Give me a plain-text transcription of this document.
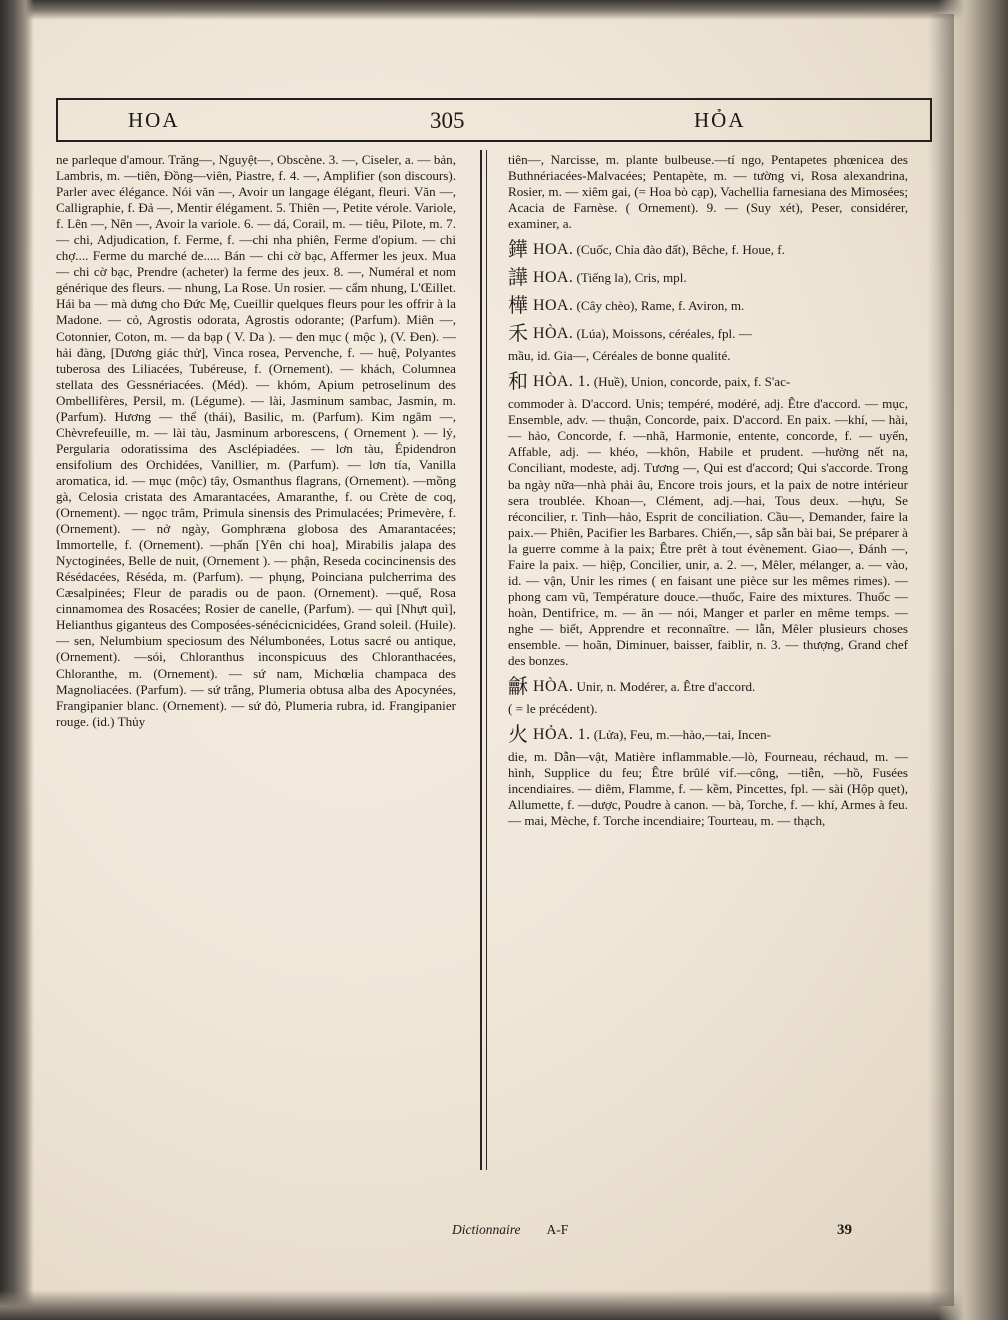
HOA	305	HỎA

ne parleque d'amour. Trăng—, Nguyệt—, Obscène. 3. —, Ciseler, a. — bản, Lambris, m. —tiên, Đồng—viên, Piastre, f. 4. —, Amplifier (son discours). Parler avec élégance. Nói văn —, Avoir un langage élégant, fleuri. Văn —, Calligraphie, f. Đả —, Mentir élégament. 5. Thiên —, Petite vérole. Variole, f. Lên —, Nên —, Avoir la variole. 6. — dá, Corail, m. — tiêu, Pilote, m. 7. — chi, Adjudication, f. Ferme, f. —chi nha phiên, Ferme d'opium. — chi chợ.... Ferme du marché de..... Bán — chi cờ bạc, Affermer les jeux. Mua — chi cờ bạc, Prendre (acheter) la ferme des jeux. 8. —, Numéral et nom générique des fleurs. — nhung, La Rose. Un rosier. — cẩm nhung, L'Œillet. Hái ba — mà dưng cho Đức Mẹ, Cueillir quelques fleurs pour les offrir à la Madone. — cỏ, Agrostis odorata, Agrostis odorante; (Parfum). Miên —, Cotonnier, Coton, m. — da bạp ( V. Da ). — đen mục ( mộc ), (V. Đen). — hải đàng, [Dương giác thử], Vinca rosea, Pervenche, f. — huệ, Polyantes tuberosa des Liliacées, Tubéreuse, f. (Ornement). — khách, Columnea stellata des Gessnériacées. (Méd). — khóm, Apium petroselinum des Ombellifères, Persil, m. (Légume). — lài, Jasminum sambac, Jasmin, m. (Parfum). Hương — thể (thái), Basilic, m. (Parfum). Kim ngâm —, Chèvrefeuille, m. — lài tàu, Jasminum arborescens, ( Ornement ). — lý, Pergularia odoratissima des Asclépiadées. — lơn tàu, Épidendron ensifolium des Orchidées, Vanillier, m. (Parfum). — lơn tía, Vanilla aromatica, id. — mục (mộc) tây, Osmanthus flagrans, (Ornement). —mồng gà, Celosia cristata des Amarantacées, Amaranthe, f. ou Crète de coq, (Ornement). — ngọc trâm, Primula sinensis des Primulacées; Primevère, f. (Ornement). — nở ngày, Gomphræna globosa des Amarantacées; Immortelle, f. (Ornement). —phấn [Yên chi hoa], Mirabilis jalapa des Nyctoginées, Belle de nuit, (Ornement ). — phận, Reseda cocincinensis des Résédacées, Réséda, m. (Parfum). — phụng, Poinciana pulcherrima des Cæsalpinées; Fleur de paradis ou de paon. (Ornement). —quế, Rosa cinnamomea des Rosacées; Rosier de canelle, (Parfum). — quì [Nhựt quì], Helianthus giganteus des Composées-sénécicnicidées, Grand soleil. (Huile). — sen, Nelumbium speciosum des Nélumbonées, Lotus sacré ou antique, (Ornement). —sói, Chloranthus inconspicuus des Chloranthacées, Chloranthe, m. (Ornement). — sứ nam, Michœlia champaca des Magnoliacées. (Parfum). — sứ trắng, Plumeria obtusa alba des Apocynées, Frangipanier blanc. (Ornement). — sứ đỏ, Plumeria rubra, id. Frangipanier rouge. (id.) Thủy

tiên—, Narcisse, m. plante bulbeuse.—tí ngo, Pentapetes phœnicea des Buthnériacées-Malvacées; Pentapète, m. — tường vi, Rosa alexandrina, Rosier, m. — xiêm gai, (= Hoa bò cạp), Vachellia farnesiana des Mimosées; Acacia de Farnèse. ( Ornement). 9. — (Suy xét), Peser, considérer, examiner, a.

鏵 HOA. (Cuốc, Chỉa đào đất), Bêche, f. Houe, f.
譁 HOA. (Tiếng la), Cris, mpl.
樺 HOA. (Cây chèo), Rame, f. Aviron, m.
禾 HÒA. (Lúa), Moissons, céréales, fpl. —

mầu, id. Gia—, Céréales de bonne qualité.

和 HÒA. 1. (Huề), Union, concorde, paix, f. S'ac-

commoder à. D'accord. Unis; tempéré, modéré, adj. Être d'accord. — mục, Ensemble, adv. — thuận, Concorde, paix. D'accord. En paix. —khí, — hài, — hảo, Concorde, f. —nhã, Harmonie, entente, concorde, f. — uyển, Affable, adj. — khéo, —khôn, Habile et prudent. —hường nết na, Conciliant, modeste, adj. Tương —, Qui est d'accord; Qui s'accorde. Trong ba ngày nữa—nhà phải âu, Encore trois jours, et la paix de notre intérieur sera troublée. Khoan—, Clément, adj.—hai, Tous deux. —hựu, Se réconcilier, r. Tinh—hảo, Esprit de conciliation. Cầu—, Demander, faire la paix.— Phiên, Pacifier les Barbares. Chiến,—, sắp sẵn bài bai, Se préparer à la guerre comme à la paix; Être prêt à tout évènement. Giao—, Đánh —, Faire la paix. — hiệp, Concilier, unir, a. 2. —, Mêler, mélanger, a. — vào, id. — vận, Unir les rimes ( en faisant une pièce sur les mêmes rimes). — phong cam vũ, Température douce.—thuốc, Faire des mixtures. Thuốc —hoàn, Dentifrice, m. — ăn — nói, Manger et parler en même temps. — nghe — biết, Apprendre et reconnaître. — lẫn, Mêler plusieurs choses ensemble. — hoãn, Diminuer, baisser, faiblir, n. 3. — thượng, Grand chef des bonzes.

龢 HÒA. Unir, n. Modérer, a. Être d'accord.

( = le précédent).

火 HỎA. 1. (Lửa), Feu, m.—hào,—tai, Incen-

die, m. Dẫn—vật, Matière inflammable.—lò, Fourneau, réchaud, m. — hình, Supplice du feu; Être brûlé vif.—công, —tiễn, —hồ, Fusées incendiaires. — diêm, Flamme, f. — kềm, Pincettes, fpl. — sài (Hộp quẹt), Allumette, f. —dược, Poudre à canon. — bà, Torche, f. — khí, Armes à feu. — mai, Mèche, f. Torche incendiaire; Tourteau, m. — thạch,

39
Dictionnaire A-F
